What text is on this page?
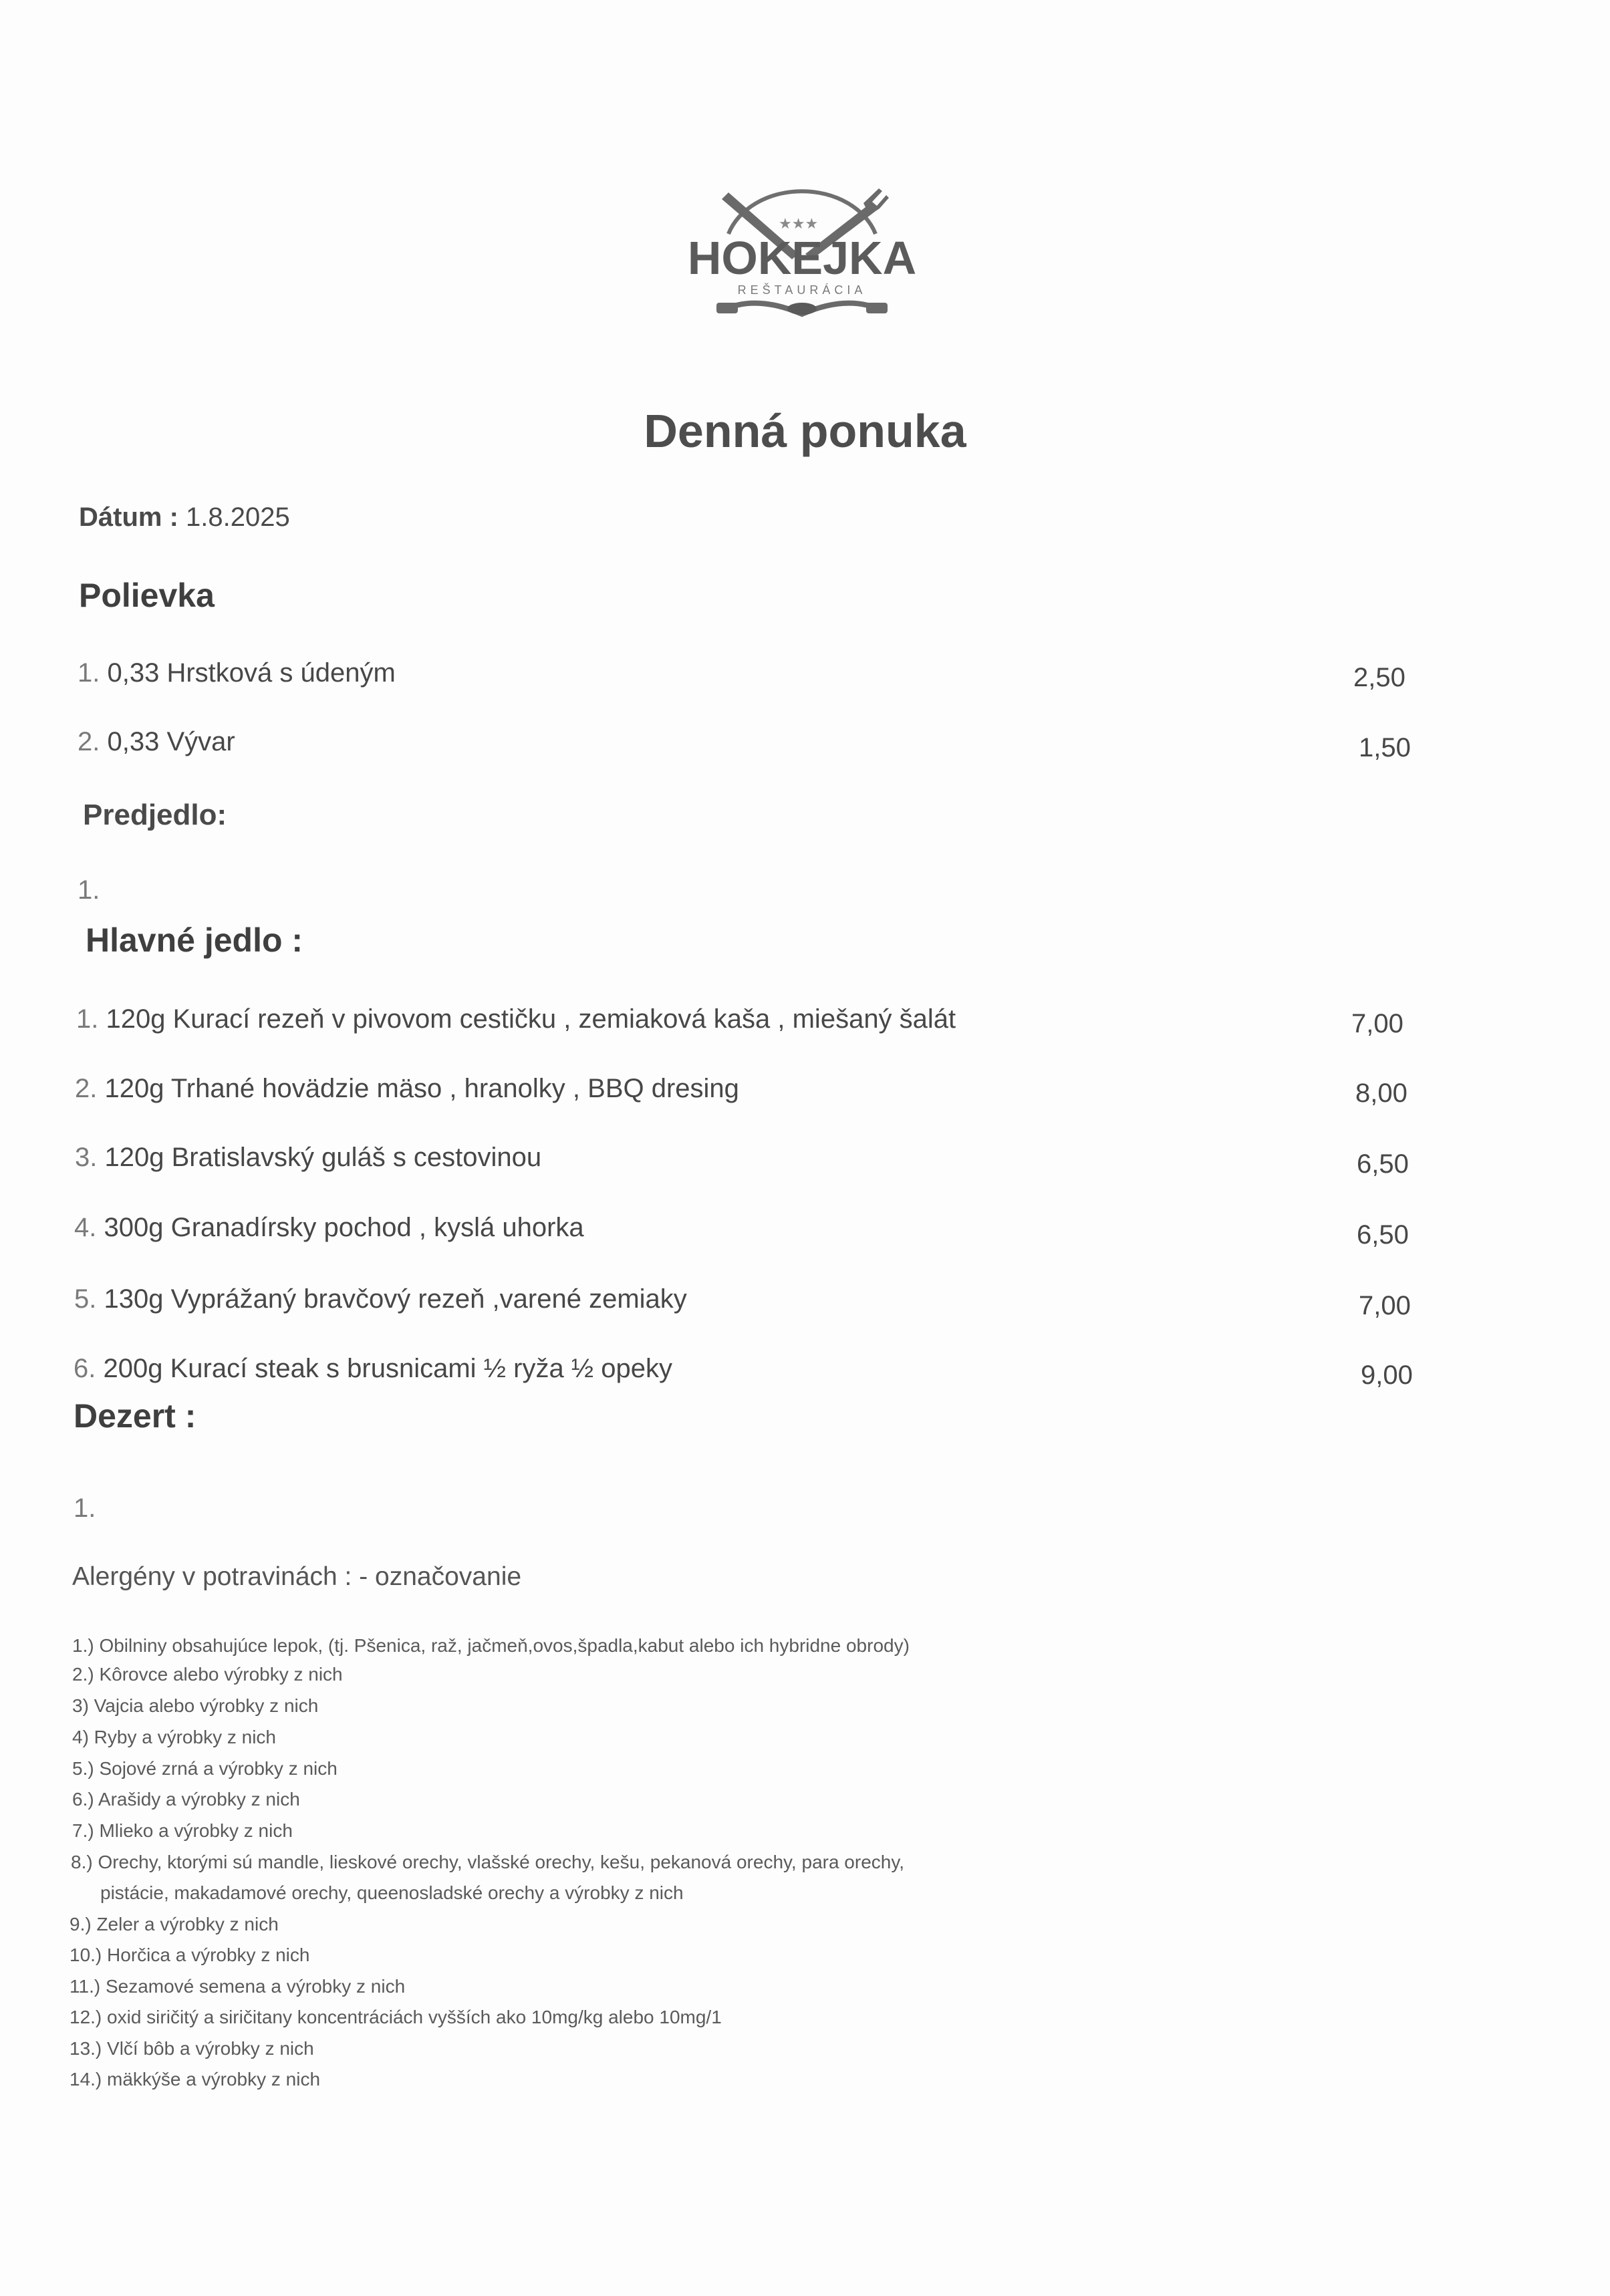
★★★
HOKEJKA
REŠTAURÁCIA
Denná ponuka
Dátum : 1.8.2025
Polievka
1. 0,33 Hrstková s údeným	2,50
2. 0,33 Vývar	1,50
Predjedlo:
1.
Hlavné jedlo :
1. 120g Kurací rezeň v pivovom cestičku , zemiaková kaša , miešaný šalát	7,00
2. 120g Trhané hovädzie mäso , hranolky , BBQ dresing	8,00
3. 120g Bratislavský guláš s cestovinou	6,50
4. 300g Granadírsky pochod , kyslá uhorka	6,50
5. 130g Vyprážaný bravčový rezeň ,varené zemiaky	7,00
6. 200g Kurací steak s brusnicami ½ ryža ½ opeky	9,00
Dezert :
1.
Alergény v potravinách : - označovanie
1.) Obilniny obsahujúce lepok, (tj. Pšenica, raž, jačmeň,ovos,špadla,kabut alebo ich hybridne obrody)
2.) Kôrovce alebo výrobky z nich
3) Vajcia alebo výrobky z nich
4) Ryby a výrobky z nich
5.) Sojové zrná a výrobky z nich
6.) Arašidy a výrobky z nich
7.) Mlieko a výrobky z nich
8.) Orechy, ktorými sú mandle, lieskové orechy, vlašské orechy, kešu, pekanová orechy, para orechy,
pistácie, makadamové orechy, queenosladské orechy a výrobky z nich
9.) Zeler a výrobky z nich
10.) Horčica a výrobky z nich
11.) Sezamové semena a výrobky z nich
12.) oxid siričitý a siričitany koncentráciách vyšších ako 10mg/kg alebo 10mg/1
13.) Vlčí bôb a výrobky z nich
14.) mäkkýše a výrobky z nich
